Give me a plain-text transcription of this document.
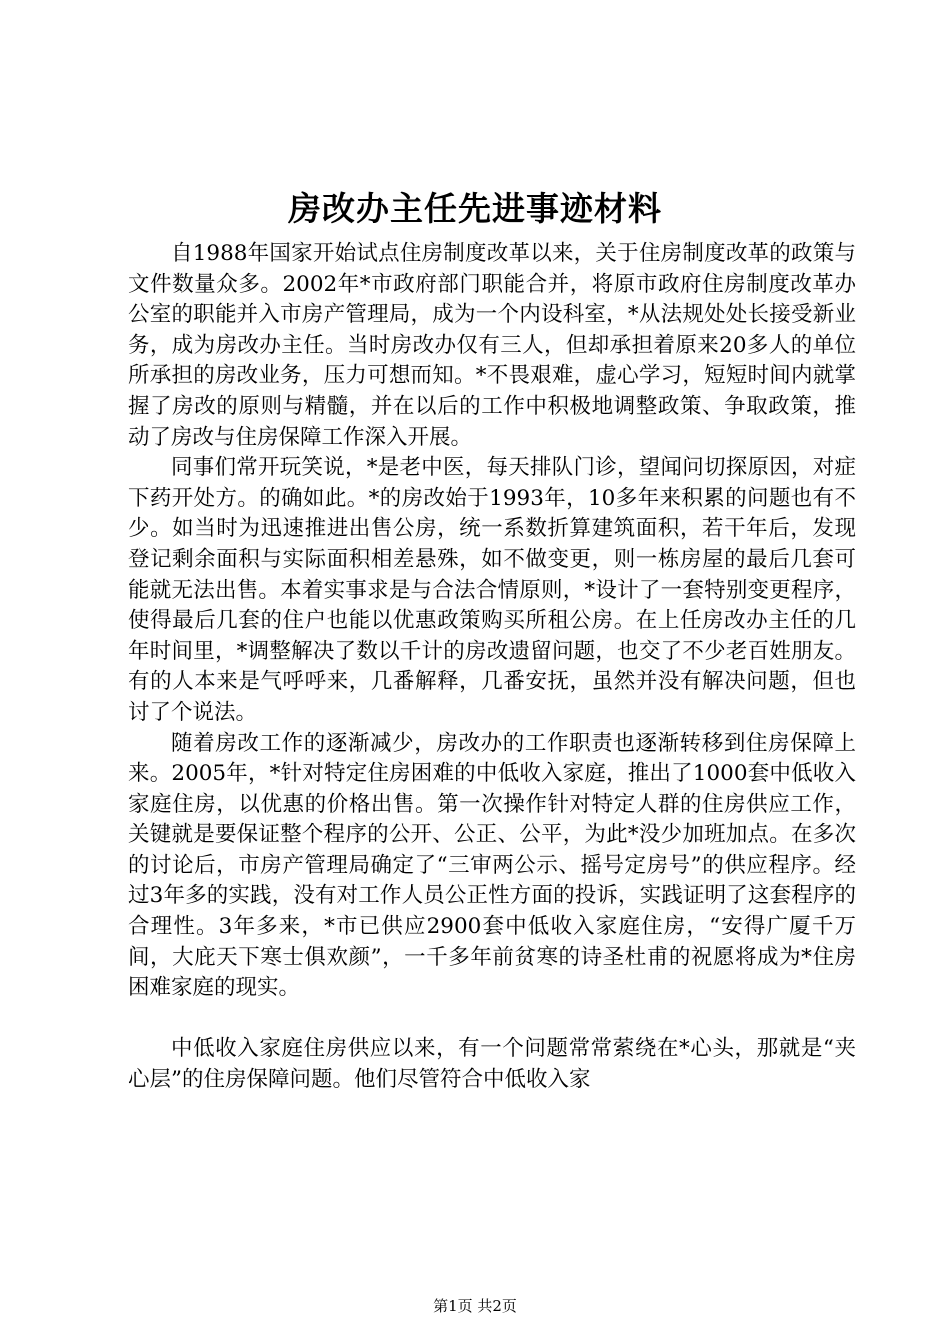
房改办主任先进事迹材料

自1988年国家开始试点住房制度改革以来，关于住房制度改革的政策与文件数量众多。2002年*市政府部门职能合并，将原市政府住房制度改革办公室的职能并入市房产管理局，成为一个内设科室，*从法规处处长接受新业务，成为房改办主任。当时房改办仅有三人，但却承担着原来20多人的单位所承担的房改业务，压力可想而知。*不畏艰难，虚心学习，短短时间内就掌握了房改的原则与精髓，并在以后的工作中积极地调整政策、争取政策，推动了房改与住房保障工作深入开展。

同事们常开玩笑说，*是老中医，每天排队门诊，望闻问切探原因，对症下药开处方。的确如此。*的房改始于1993年，10多年来积累的问题也有不少。如当时为迅速推进出售公房，统一系数折算建筑面积，若干年后，发现登记剩余面积与实际面积相差悬殊，如不做变更，则一栋房屋的最后几套可能就无法出售。本着实事求是与合法合情原则，*设计了一套特别变更程序，使得最后几套的住户也能以优惠政策购买所租公房。在上任房改办主任的几年时间里，*调整解决了数以千计的房改遗留问题，也交了不少老百姓朋友。有的人本来是气呼呼来，几番解释，几番安抚，虽然并没有解决问题，但也讨了个说法。

随着房改工作的逐渐减少，房改办的工作职责也逐渐转移到住房保障上来。2005年，*针对特定住房困难的中低收入家庭，推出了1000套中低收入家庭住房，以优惠的价格出售。第一次操作针对特定人群的住房供应工作，关键就是要保证整个程序的公开、公正、公平，为此*没少加班加点。在多次的讨论后，市房产管理局确定了“三审两公示、摇号定房号”的供应程序。经过3年多的实践，没有对工作人员公正性方面的投诉，实践证明了这套程序的合理性。3年多来，*市已供应2900套中低收入家庭住房，“安得广厦千万间，大庇天下寒士俱欢颜”，一千多年前贫寒的诗圣杜甫的祝愿将成为*住房困难家庭的现实。

中低收入家庭住房供应以来，有一个问题常常萦绕在*心头，那就是“夹心层”的住房保障问题。他们尽管符合中低收入家

第1页 共2页
